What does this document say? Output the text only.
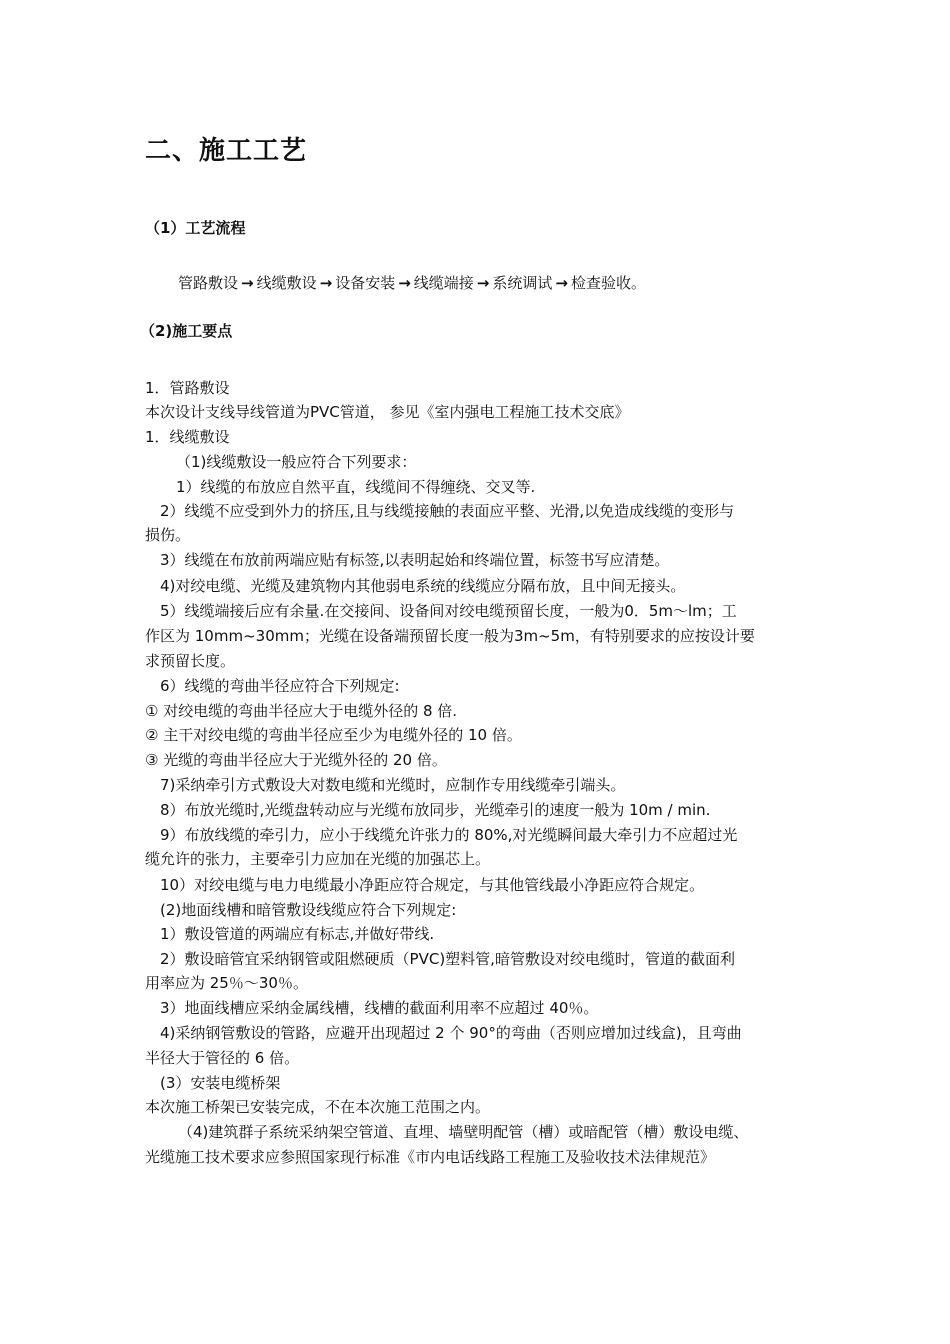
二、施工工艺
（1）工艺流程
管路敷设 → 线缆敷设 → 设备安装 → 线缆端接 → 系统调试 → 检查验收。
（2)施工要点
1．管路敷设
本次设计支线导线管道为PVC管道， 参见《室内强电工程施工技术交底》
1．线缆敷设
（1)线缆敷设一般应符合下列要求：
1）线缆的布放应自然平直，线缆间不得缠绕、交叉等.
2）线缆不应受到外力的挤压,且与线缆接触的表面应平整、光滑,以免造成线缆的变形与
损伤。
3）线缆在布放前两端应贴有标签,以表明起始和终端位置，标签书写应清楚。
4)对绞电缆、光缆及建筑物内其他弱电系统的线缆应分隔布放，且中间无接头。
5）线缆端接后应有余量.在交接间、设备间对绞电缆预留长度，一般为0．5m～lm；工
作区为 10mm~30mm；光缆在设备端预留长度一般为3m~5m，有特别要求的应按设计要
求预留长度。
6）线缆的弯曲半径应符合下列规定:
① 对绞电缆的弯曲半径应大于电缆外径的 8 倍.
② 主干对绞电缆的弯曲半径应至少为电缆外径的 10 倍。
③ 光缆的弯曲半径应大于光缆外径的 20 倍。
7)采纳牵引方式敷设大对数电缆和光缆时，应制作专用线缆牵引端头。
8）布放光缆时,光缆盘转动应与光缆布放同步，光缆牵引的速度一般为 10m / min.
9）布放线缆的牵引力，应小于线缆允许张力的 80%,对光缆瞬间最大牵引力不应超过光
缆允许的张力，主要牵引力应加在光缆的加强芯上。
10）对绞电缆与电力电缆最小净距应符合规定，与其他管线最小净距应符合规定。
(2)地面线槽和暗管敷设线缆应符合下列规定:
1）敷设管道的两端应有标志,并做好带线.
2）敷设暗管宜采纳钢管或阻燃硬质（PVC)塑料管,暗管敷设对绞电缆时，管道的截面利
用率应为 25％～30％。
3）地面线槽应采纳金属线槽，线槽的截面利用率不应超过 40％。
4)采纳钢管敷设的管路，应避开出现超过 2 个 90°的弯曲（否则应增加过线盒)，且弯曲
半径大于管径的 6 倍。
(3）安装电缆桥架
本次施工桥架已安装完成，不在本次施工范围之内。
（4)建筑群子系统采纳架空管道、直埋、墙壁明配管（槽）或暗配管（槽）敷设电缆、
光缆施工技术要求应参照国家现行标准《市内电话线路工程施工及验收技术法律规范》
